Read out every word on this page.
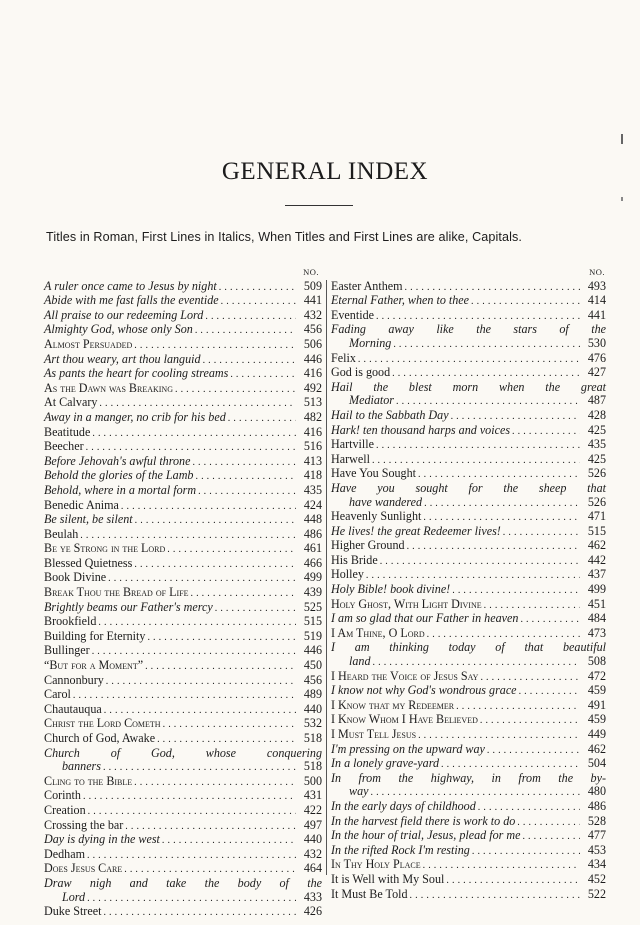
GENERAL INDEX
Titles in Roman, First Lines in Italics, When Titles and First Lines are alike, Capitals.
NO.
A ruler once came to Jesus by night . . .	509
Abide with me fast falls the eventide . . .	441
All praise to our redeeming Lord . . .	432
Almighty God, whose only Son . . .	456
Almost Persuaded . . .	506
Art thou weary, art thou languid . . .	446
As pants the heart for cooling streams . . .	416
As the Dawn was Breaking . . .	492
At Calvary . . .	513
Away in a manger, no crib for his bed . . .	482
Beatitude . . .	416
Beecher . . .	516
Before Jehovah's awful throne . . .	413
Behold the glories of the Lamb . . .	418
Behold, where in a mortal form . . .	435
Benedic Anima . . .	424
Be silent, be silent . . .	448
Beulah . . .	486
Be ye Strong in the Lord . . .	461
Blessed Quietness . . .	466
Book Divine . . .	499
Break Thou the Bread of Life . . .	439
Brightly beams our Father's mercy . . .	525
Brookfield . . .	515
Building for Eternity . . .	519
Bullinger . . .	446
“But for a Moment” . . .	450
Cannonbury . . .	456
Carol . . .	489
Chautauqua . . .	440
Christ the Lord Cometh . . .	532
Church of God, Awake . . .	518
Church of God, whose conquering
banners . . .	518
Cling to the Bible . . .	500
Corinth . . .	431
Creation . . .	422
Crossing the bar . . .	497
Day is dying in the west . . .	440
Dedham . . .	432
Does Jesus Care . . .	464
Draw nigh and take the body of the
Lord . . .	433
Duke Street . . .	426
NO.
Easter Anthem . . .	493
Eternal Father, when to thee . . .	414
Eventide . . .	441
Fading away like the stars of the
Morning . . .	530
Felix . . .	476
God is good . . .	427
Hail the blest morn when the great
Mediator . . .	487
Hail to the Sabbath Day . . .	428
Hark! ten thousand harps and voices . . .	425
Hartville . . .	435
Harwell . . .	425
Have You Sought . . .	526
Have you sought for the sheep that
have wandered . . .	526
Heavenly Sunlight . . .	471
He lives! the great Redeemer lives! . . .	515
Higher Ground . . .	462
His Bride . . .	442
Holley . . .	437
Holy Bible! book divine! . . .	499
Holy Ghost, With Light Divine . . .	451
I am so glad that our Father in heaven . . .	484
I Am Thine, O Lord . . .	473
I am thinking today of that beautiful
land . . .	508
I Heard the Voice of Jesus Say . . .	472
I know not why God's wondrous grace . . .	459
I Know that my Redeemer . . .	491
I Know Whom I Have Believed . . .	459
I Must Tell Jesus . . .	449
I'm pressing on the upward way . . .	462
In a lonely grave-yard . . .	504
In from the highway, in from the by-
way . . .	480
In the early days of childhood . . .	486
In the harvest field there is work to do . . .	528
In the hour of trial, Jesus, plead for me . . .	477
In the rifted Rock I'm resting . . .	453
In Thy Holy Place . . .	434
It is Well with My Soul . . .	452
It Must Be Told . . .	522
